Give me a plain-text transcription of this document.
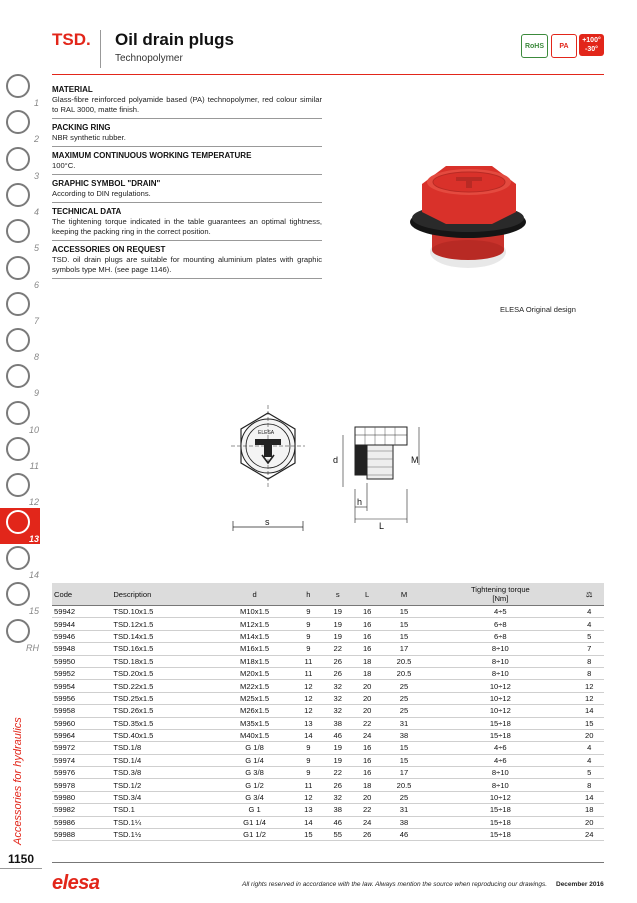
TSD. Oil drain plugs
Technopolymer
RoHS	PA
+100°
-30°
1
2
3
4
5
6
7
8
9
10
11
12
13
14
15
RH
Accessories for hydraulics
1150
MATERIAL

Glass-fibre reinforced polyamide based (PA) technopolymer, red colour similar to RAL 3000, matte finish.

PACKING RING

NBR synthetic rubber.

MAXIMUM CONTINUOUS WORKING TEMPERATURE

100°C.

GRAPHIC SYMBOL "DRAIN"

According to DIN regulations.

TECHNICAL DATA

The tightening torque indicated in the table guarantees an optimal tightness, keeping the packing ring in the correct position.

ACCESSORIES ON REQUEST

TSD. oil drain plugs are suitable for mounting aluminium plates with graphic symbols type MH. (see page 1146).

ELESA Original design
s
ELESA
d	M
h
L
Code	Description	d	h	s	L	M	Tightening torque
[Nm]	⚖
59942	TSD.10x1.5	M10x1.5	9	19	16	15	4÷5	4
59944	TSD.12x1.5	M12x1.5	9	19	16	15	6÷8	4
59946	TSD.14x1.5	M14x1.5	9	19	16	15	6÷8	5
59948	TSD.16x1.5	M16x1.5	9	22	16	17	8÷10	7
59950	TSD.18x1.5	M18x1.5	11	26	18	20.5	8÷10	8
59952	TSD.20x1.5	M20x1.5	11	26	18	20.5	8÷10	8
59954	TSD.22x1.5	M22x1.5	12	32	20	25	10÷12	12
59956	TSD.25x1.5	M25x1.5	12	32	20	25	10÷12	12
59958	TSD.26x1.5	M26x1.5	12	32	20	25	10÷12	14
59960	TSD.35x1.5	M35x1.5	13	38	22	31	15÷18	15
59964	TSD.40x1.5	M40x1.5	14	46	24	38	15÷18	20
59972	TSD.1/8	G 1/8	9	19	16	15	4÷6	4
59974	TSD.1/4	G 1/4	9	19	16	15	4÷6	4
59976	TSD.3/8	G 3/8	9	22	16	17	8÷10	5
59978	TSD.1/2	G 1/2	11	26	18	20.5	8÷10	8
59980	TSD.3/4	G 3/4	12	32	20	25	10÷12	14
59982	TSD.1	G 1	13	38	22	31	15÷18	18
59986	TSD.1¼	G1 1/4	14	46	24	38	15÷18	20
59988	TSD.1½	G1 1/2	15	55	26	46	15÷18	24
elesa	All rights reserved in accordance with the law. Always mention the source when reproducing our drawings. December 2016
